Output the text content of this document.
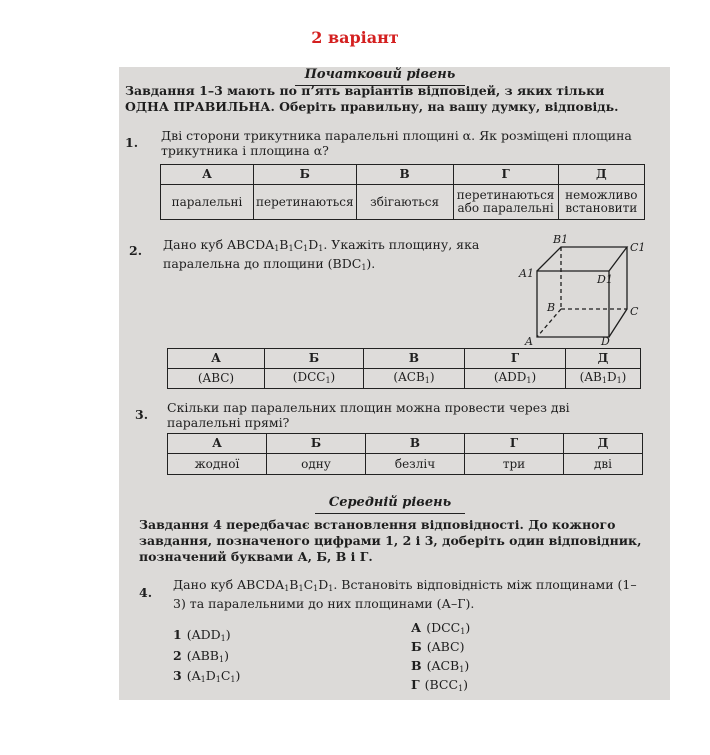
2 варіант
Початковий рівень
Завдання 1–3 мають по п’ять варіантів відповідей, з яких тільки ОДНА ПРАВИЛЬНА. Оберіть правильну, на вашу думку, відповідь.
1. Дві сторони трикутника паралельні площині α. Як розміщені площина трикутника і площина α?
А	Б	В	Г	Д
паралельні	перетинаються	збігаються	перетинаються або паралельні	неможливо встановити
2. Дано куб $ABCDA_1B_1C_1D_1$. Укажіть площину, яка паралельна до площини $(BDC_1)$.
B1
C1
A1	D1
B	C
A	D
А	Б	В	Г	Д
(ABC)	$(DCC_1)$	$(ACB_1)$	$(ADD_1)$	$(AB_1D_1)$
3. Скільки пар паралельних площин можна провести через дві паралельні прямі?
А	Б	В	Г	Д
жодної	одну	безліч	три	дві
Середній рівень
Завдання 4 передбачає встановлення відповідності. До кожного завдання, позначеного цифрами 1, 2 і 3, доберіть один відповідник, позначений буквами А, Б, В і Г.
4.
Дано куб $ABCDA_1B_1C_1D_1$. Встановіть відповідність між площинами (1–3) та паралельними до них площинами (А–Г).
1 $(ADD_1)$
2 $(ABB_1)$
3 $(A_1D_1C_1)$
А $(DCC_1)$
Б (ABC)
В $(ACB_1)$
Г $(BCC_1)$
